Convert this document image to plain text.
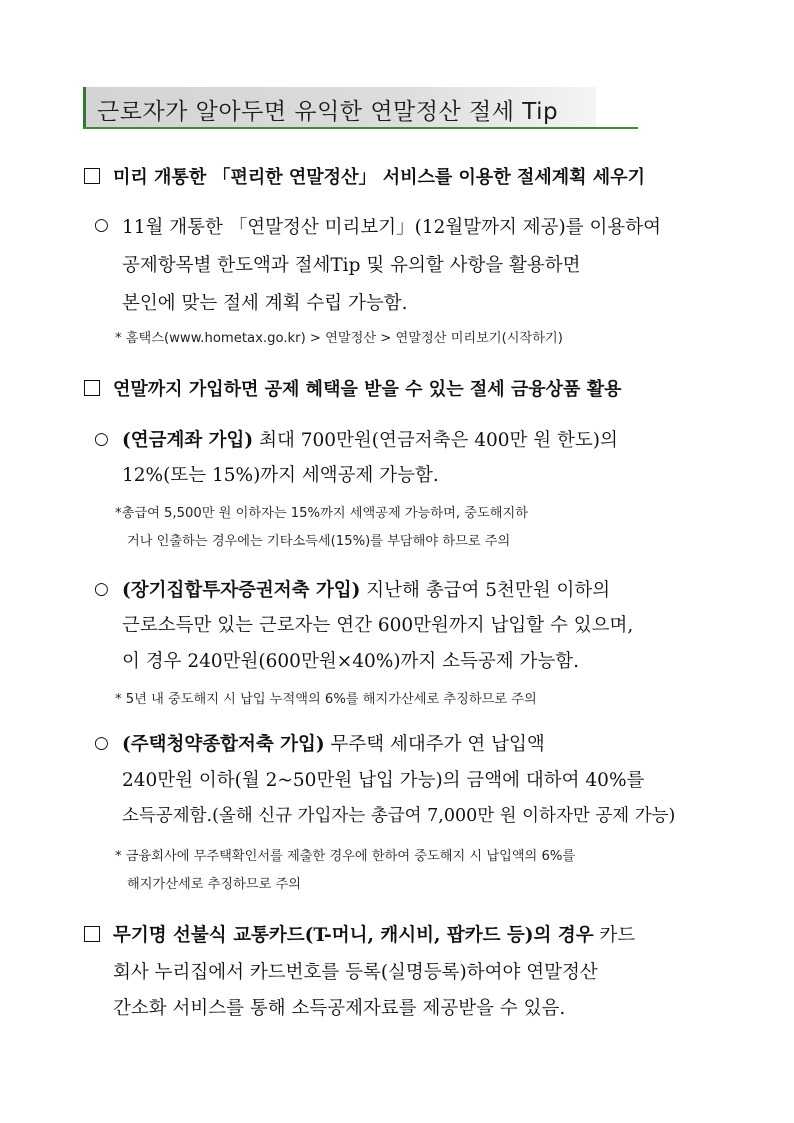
근로자가 알아두면 유익한 연말정산 절세 Tip
미리 개통한 「편리한 연말정산」 서비스를 이용한 절세계획 세우기
○ 11월 개통한 「연말정산 미리보기」(12월말까지 제공)를 이용하여
공제항목별 한도액과 절세Tip 및 유의할 사항을 활용하면
본인에 맞는 절세 계획 수립 가능함.
* 홈택스(www.hometax.go.kr) > 연말정산 > 연말정산 미리보기(시작하기)
연말까지 가입하면 공제 혜택을 받을 수 있는 절세 금융상품 활용
○ (연금계좌 가입) 최대 700만원(연금저축은 400만 원 한도)의
12%(또는 15%)까지 세액공제 가능함.
*총급여 5,500만 원 이하자는 15%까지 세액공제 가능하며, 중도해지하
거나 인출하는 경우에는 기타소득세(15%)를 부담해야 하므로 주의
○ (장기집합투자증권저축 가입) 지난해 총급여 5천만원 이하의
근로소득만 있는 근로자는 연간 600만원까지 납입할 수 있으며,
이 경우 240만원(600만원×40%)까지 소득공제 가능함.
* 5년 내 중도해지 시 납입 누적액의 6%를 해지가산세로 추징하므로 주의
○ (주택청약종합저축 가입) 무주택 세대주가 연 납입액
240만원 이하(월 2~50만원 납입 가능)의 금액에 대하여 40%를
소득공제함.(올해 신규 가입자는 총급여 7,000만 원 이하자만 공제 가능)
* 금융회사에 무주택확인서를 제출한 경우에 한하여 중도해지 시 납입액의 6%를
해지가산세로 추징하므로 주의
무기명 선불식 교통카드(T-머니, 캐시비, 팝카드 등)의 경우 카드
회사 누리집에서 카드번호를 등록(실명등록)하여야 연말정산
간소화 서비스를 통해 소득공제자료를 제공받을 수 있음.
